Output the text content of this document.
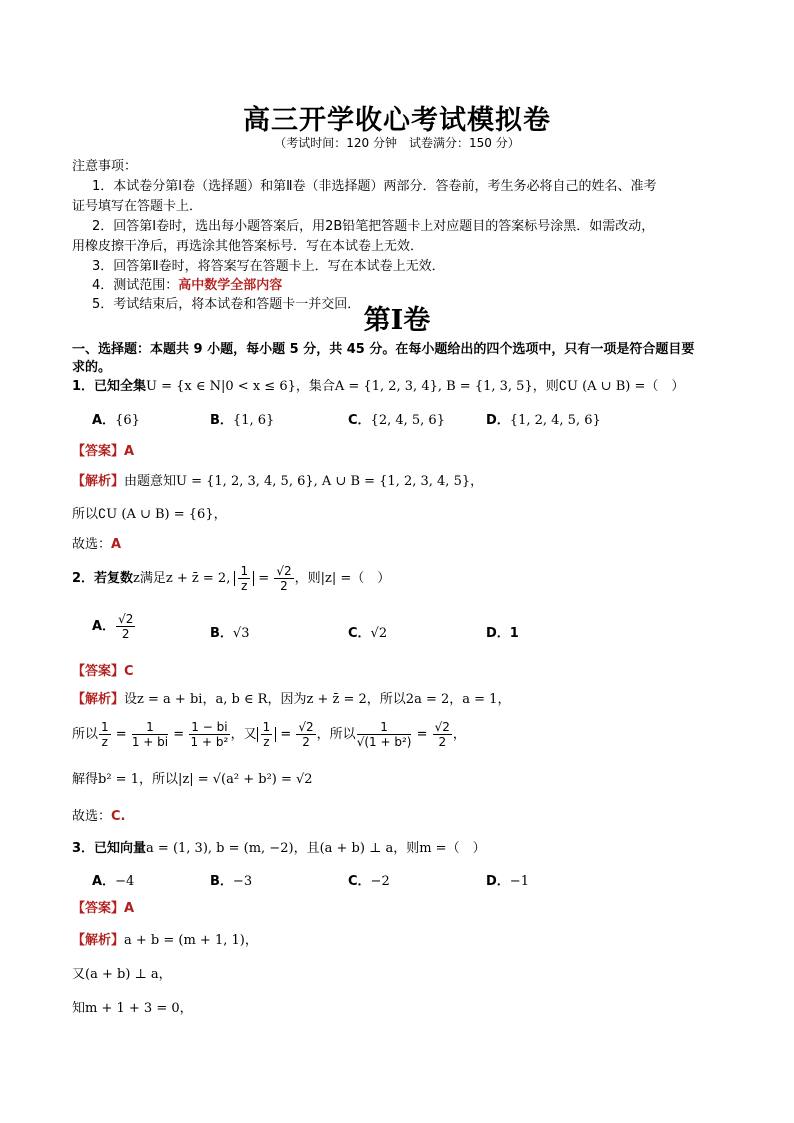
高三开学收心考试模拟卷
（考试时间：120 分钟　试卷满分：150 分）
注意事项：
1．本试卷分第Ⅰ卷（选择题）和第Ⅱ卷（非选择题）两部分．答卷前，考生务必将自己的姓名、准考
证号填写在答题卡上．
2．回答第Ⅰ卷时，选出每小题答案后，用2B铅笔把答题卡上对应题目的答案标号涂黑．如需改动，
用橡皮擦干净后，再选涂其他答案标号．写在本试卷上无效．
3．回答第Ⅱ卷时，将答案写在答题卡上．写在本试卷上无效．
4．测试范围：高中数学全部内容
5．考试结束后，将本试卷和答题卡一并交回．
第Ⅰ卷
一、选择题：本题共 9 小题，每小题 5 分，共 45 分。在每小题给出的四个选项中，只有一项是符合题目要
求的。
1．已知全集U = {x ∈ N|0 < x ≤ 6}，集合A = {1, 2, 3, 4}, B = {1, 3, 5}，则∁U (A ∪ B) =（　）
A．{6}	B．{1, 6}	C．{2, 4, 5, 6}	D．{1, 2, 4, 5, 6}
【答案】A
【解析】由题意知U = {1, 2, 3, 4, 5, 6}, A ∪ B = {1, 2, 3, 4, 5}，
所以∁U (A ∪ B) = {6}，
故选：A
2．若复数z满足z + z̄ = 2, $\frac{1}{z} = \frac{√2}{2}$ ，则|z| =（　）
A． $\frac{√2}{2}$	B．√3	C．√2	D．1
【答案】C
【解析】设z = a + bi，a, b ∈ R，因为z + z̄ = 2，所以2a = 2，a = 1，
所以 $\frac{1}{z} = \frac{1}{1 + bi} = \frac{1 - bi}{\text{1 + b²}}$ ，又 $\frac{1}{z} = \frac{√2}{2}$ ，所以 $\frac{1}{\text{√(1 + b²)}} = \frac{√2}{2}$ ，
解得b² = 1，所以|z| = √(a² + b²) = √2
故选：C.
3．已知向量a = (1, 3), b = (m, −2)，且(a + b) ⊥ a，则m =（　）
A．−4	B．−3	C．−2	D．−1
【答案】A
【解析】a + b = (m + 1, 1)，
又(a + b) ⊥ a，
知m + 1 + 3 = 0，
